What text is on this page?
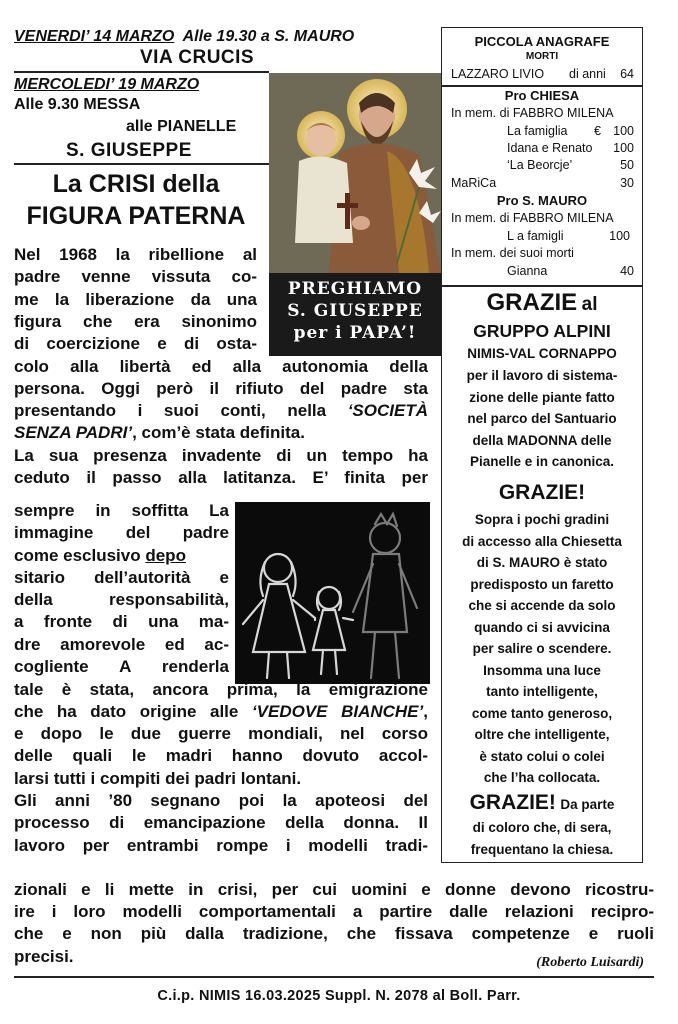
VENERDI’ 14 MARZO Alle 19.30 a S. MAURO
VIA CRUCIS
MERCOLEDI’ 19 MARZO
Alle 9.30 MESSA
alle PIANELLE
S. GIUSEPPE
PREGHIAMO
S. GIUSEPPE
per i PAPA’!
La CRISI della
FIGURA PATERNA
Nel 1968 la ribellione al
padre venne vissuta co-
me la liberazione da una
figura che era sinonimo
di coercizione e di osta-
colo alla libertà ed alla autonomia della
persona. Oggi però il rifiuto del padre sta
presentando i suoi conti, nella ‘SOCIETÀ
SENZA PADRI’, com’è stata definita.
La sua presenza invadente di un tempo ha
ceduto il passo alla latitanza. E’ finita per
sempre in soffitta La
immagine del padre
come esclusivo depo
sitario dell’autorità e
della responsabilità,
a fronte di una ma-
dre amorevole ed ac-
cogliente A renderla
tale è stata, ancora prima, la emigrazione
che ha dato origine alle ‘VEDOVE BIANCHE’,
e dopo le due guerre mondiali, nel corso
delle quali le madri hanno dovuto accol-
larsi tutti i compiti dei padri lontani.
Gli anni ’80 segnano poi la apoteosi del
processo di emancipazione della donna. Il
lavoro per entrambi rompe i modelli tradi-
zionali e li mette in crisi, per cui uomini e donne devono ricostru-
ire i loro modelli comportamentali a partire dalle relazioni recipro-
che e non più dalla tradizione, che fissava competenze e ruoli
precisi.	(Roberto Luisardi)
C.i.p. NIMIS 16.03.2025 Suppl. N. 2078 al Boll. Parr.
PICCOLA ANAGRAFE
MORTI
LAZZARO LIVIO di anni 64
Pro CHIESA
In mem. di FABBRO MILENA
La famiglia € 100
Idana e Renato 100
‘La Beorcje’	50
MaRiCa	30
Pro S. MAURO
In mem. di FABBRO MILENA
L a famigli	100
In mem. dei suoi morti
Gianna	40

GRAZIE al

GRUPPO ALPINI

NIMIS-VAL CORNAPPO

per il lavoro di sistema-
zione delle piante fatto
nel parco del Santuario
della MADONNA delle
Pianelle e in canonica.

GRAZIE!

Sopra i pochi gradini
di accesso alla Chiesetta
di S. MAURO è stato
predisposto un faretto
che si accende da solo
quando ci si avvicina
per salire o scendere.
Insomma una luce
tanto intelligente,
come tanto generoso,
oltre che intelligente,
è stato colui o colei
che l’ha collocata.

GRAZIE! Da parte

di coloro che, di sera,
frequentano la chiesa.
